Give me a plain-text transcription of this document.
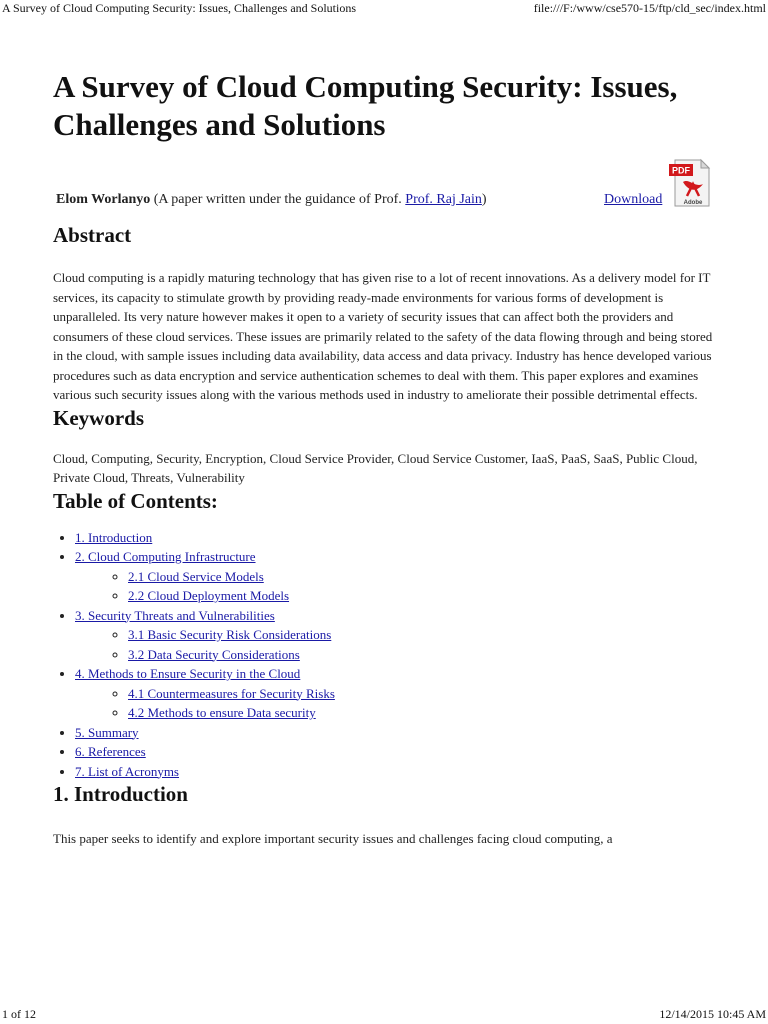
A Survey of Cloud Computing Security: Issues, Challenges and Solutions	file:///F:/www/cse570-15/ftp/cld_sec/index.html
A Survey of Cloud Computing Security: Issues, Challenges and Solutions
Elom Worlanyo (A paper written under the guidance of Prof. Prof. Raj Jain)	Download
PDF
Adobe
Abstract

Cloud computing is a rapidly maturing technology that has given rise to a lot of recent innovations. As a delivery model for IT services, its capacity to stimulate growth by providing ready-made environments for various forms of development is unparalleled. Its very nature however makes it open to a variety of security issues that can affect both the providers and consumers of these cloud services. These issues are primarily related to the safety of the data flowing through and being stored in the cloud, with sample issues including data availability, data access and data privacy. Industry has hence developed various procedures such as data encryption and service authentication schemes to deal with them. This paper explores and examines various such security issues along with the various methods used in industry to ameliorate their possible detrimental effects.

Keywords

Cloud, Computing, Security, Encryption, Cloud Service Provider, Cloud Service Customer, IaaS, PaaS, SaaS, Public Cloud, Private Cloud, Threats, Vulnerability

Table of Contents:
• 1. Introduction
• 2. Cloud Computing Infrastructure
◦ 2.1 Cloud Service Models
◦ 2.2 Cloud Deployment Models
• 3. Security Threats and Vulnerabilities
◦ 3.1 Basic Security Risk Considerations
◦ 3.2 Data Security Considerations
• 4. Methods to Ensure Security in the Cloud
◦ 4.1 Countermeasures for Security Risks
◦ 4.2 Methods to ensure Data security
• 5. Summary
• 6. References
• 7. List of Acronyms
1. Introduction

This paper seeks to identify and explore important security issues and challenges facing cloud computing, a

1 of 12	12/14/2015 10:45 AM
